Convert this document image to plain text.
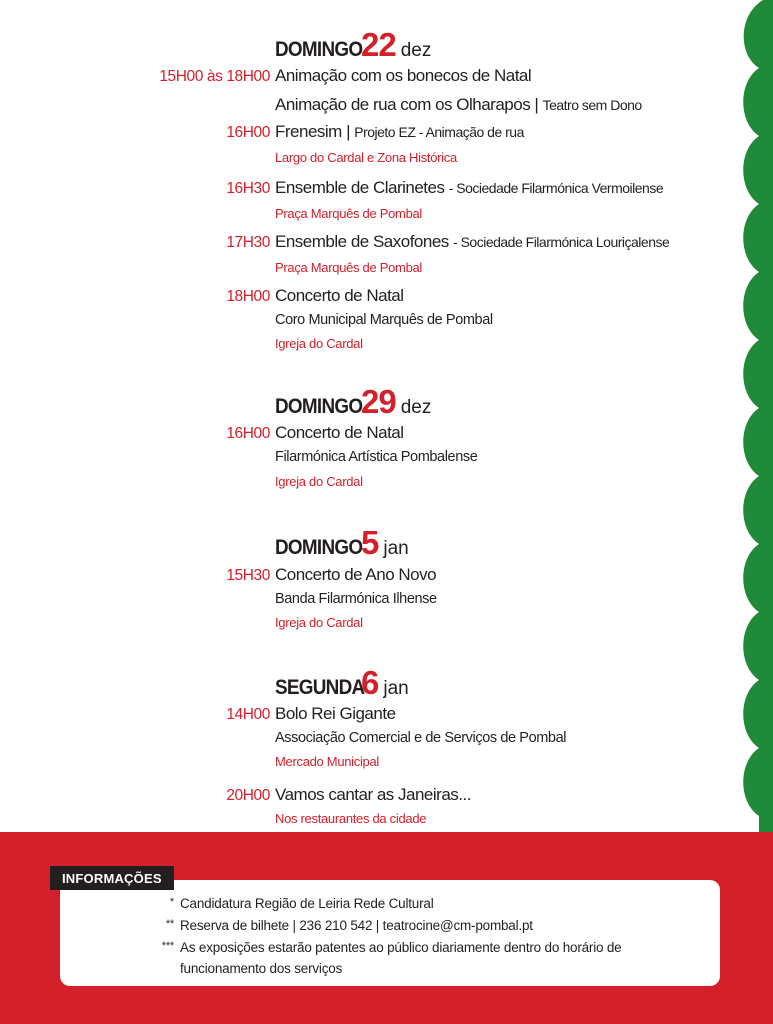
DOMINGO
22 dez
15H00 às 18H00 Animação com os bonecos de Natal
Animação de rua com os Olharapos | Teatro sem Dono
16H00 Frenesim | Projeto EZ - Animação de rua
Largo do Cardal e Zona Histórica
16H30 Ensemble de Clarinetes - Sociedade Filarmónica Vermoilense
Praça Marquês de Pombal
17H30 Ensemble de Saxofones - Sociedade Filarmónica Louriçalense
Praça Marquês de Pombal
18H00 Concerto de Natal
Coro Municipal Marquês de Pombal
Igreja do Cardal
DOMINGO
29 dez
16H00 Concerto de Natal
Filarmónica Artística Pombalense
Igreja do Cardal
DOMINGO
5 jan
15H30 Concerto de Ano Novo
Banda Filarmónica Ilhense
Igreja do Cardal
SEGUNDA
6 jan
14H00 Bolo Rei Gigante
Associação Comercial e de Serviços de Pombal
Mercado Municipal
20H00 Vamos cantar as Janeiras...
Nos restaurantes da cidade
INFORMAÇÕES
* Candidatura Região de Leiria Rede Cultural
** Reserva de bilhete | 236 210 542 | teatrocine@cm-pombal.pt
*** As exposições estarão patentes ao público diariamente dentro do horário de
funcionamento dos serviços
